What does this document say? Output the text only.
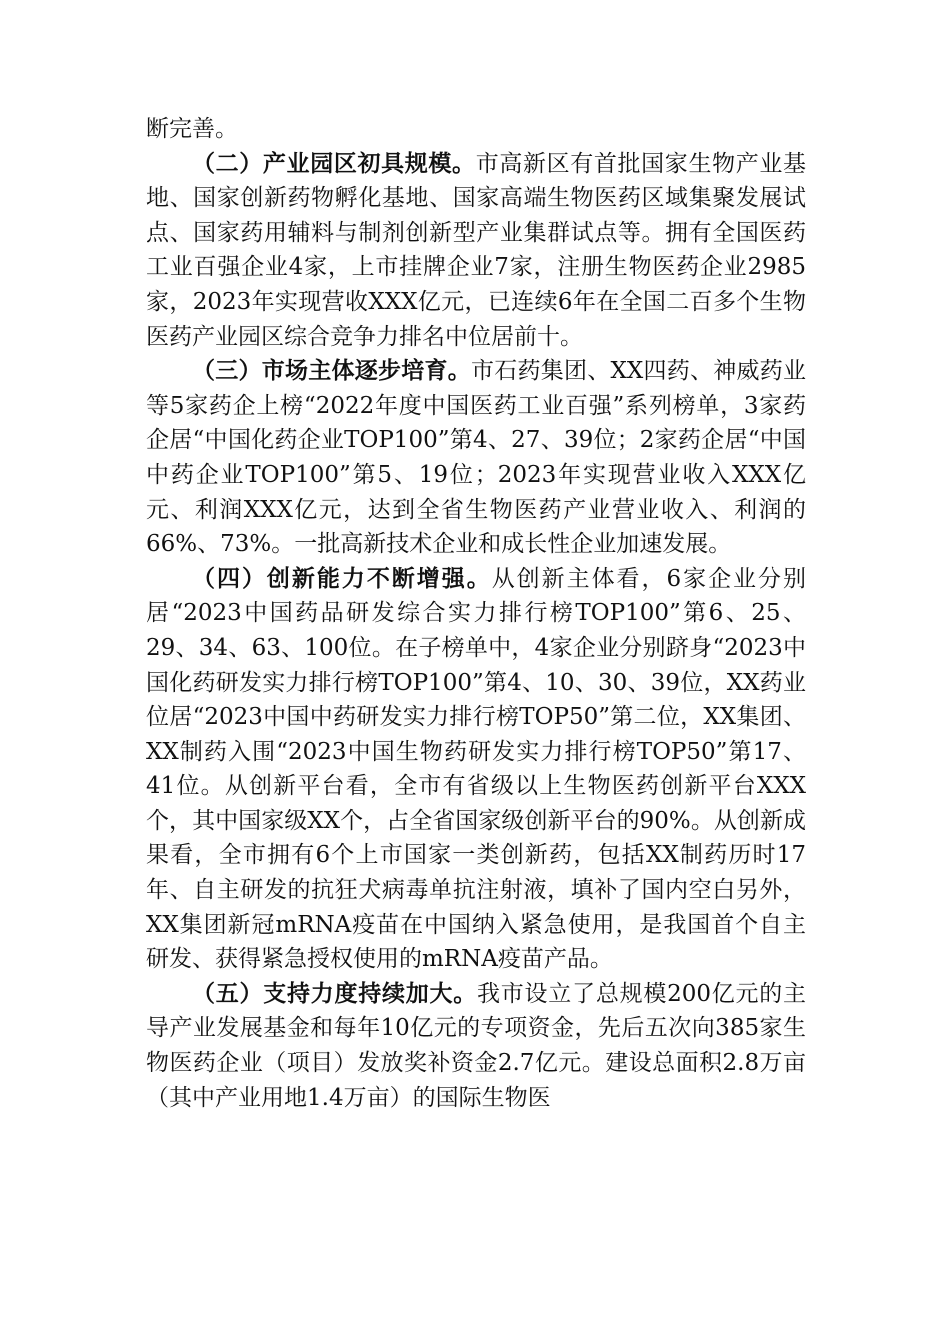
断完善。

（二）产业园区初具规模。市高新区有首批国家生物产业基地、国家创新药物孵化基地、国家高端生物医药区域集聚发展试点、国家药用辅料与制剂创新型产业集群试点等。拥有全国医药工业百强企业4家，上市挂牌企业7家，注册生物医药企业2985家，2023年实现营收XXX亿元，已连续6年在全国二百多个生物医药产业园区综合竞争力排名中位居前十。

（三）市场主体逐步培育。市石药集团、XX四药、神威药业等5家药企上榜“2022年度中国医药工业百强”系列榜单，3家药企居“中国化药企业TOP100”第4、27、39位；2家药企居“中国中药企业TOP100”第5、19位；2023年实现营业收入XXX亿元、利润XXX亿元，达到全省生物医药产业营业收入、利润的66%、73%。一批高新技术企业和成长性企业加速发展。

（四）创新能力不断增强。从创新主体看，6家企业分别居“2023中国药品研发综合实力排行榜TOP100”第6、25、29、34、63、100位。在子榜单中，4家企业分别跻身“2023中国化药研发实力排行榜TOP100”第4、10、30、39位，XX药业位居“2023中国中药研发实力排行榜TOP50”第二位，XX集团、XX制药入围“2023中国生物药研发实力排行榜TOP50”第17、41位。从创新平台看，全市有省级以上生物医药创新平台XXX个，其中国家级XX个，占全省国家级创新平台的90%。从创新成果看，全市拥有6个上市国家一类创新药，包括XX制药历时17年、自主研发的抗狂犬病毒单抗注射液，填补了国内空白另外，XX集团新冠mRNA疫苗在中国纳入紧急使用，是我国首个自主研发、获得紧急授权使用的mRNA疫苗产品。

（五）支持力度持续加大。我市设立了总规模200亿元的主导产业发展基金和每年10亿元的专项资金，先后五次向385家生物医药企业（项目）发放奖补资金2.7亿元。建设总面积2.8万亩（其中产业用地1.4万亩）的国际生物医
